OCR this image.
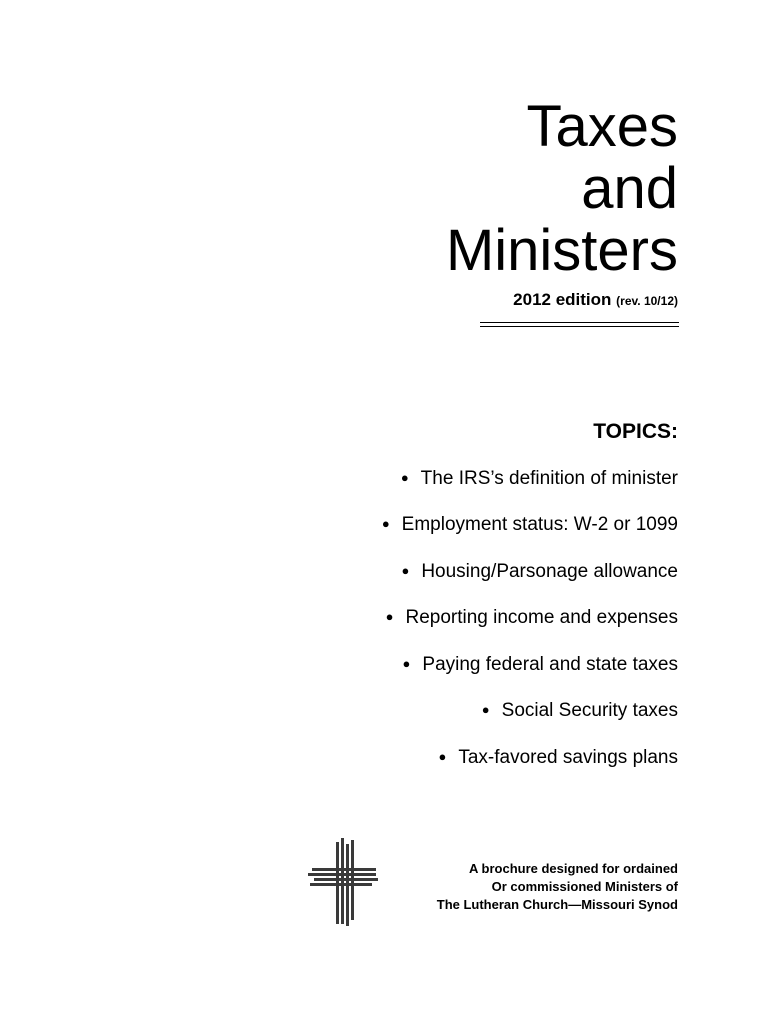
Taxes
and
Ministers
2012 edition (rev. 10/12)
TOPICS:
● The IRS’s definition of minister
● Employment status: W-2 or 1099
● Housing/Parsonage allowance
● Reporting income and expenses
● Paying federal and state taxes
● Social Security taxes
● Tax-favored savings plans
A brochure designed for ordained
Or commissioned Ministers of
The Lutheran Church—Missouri Synod
